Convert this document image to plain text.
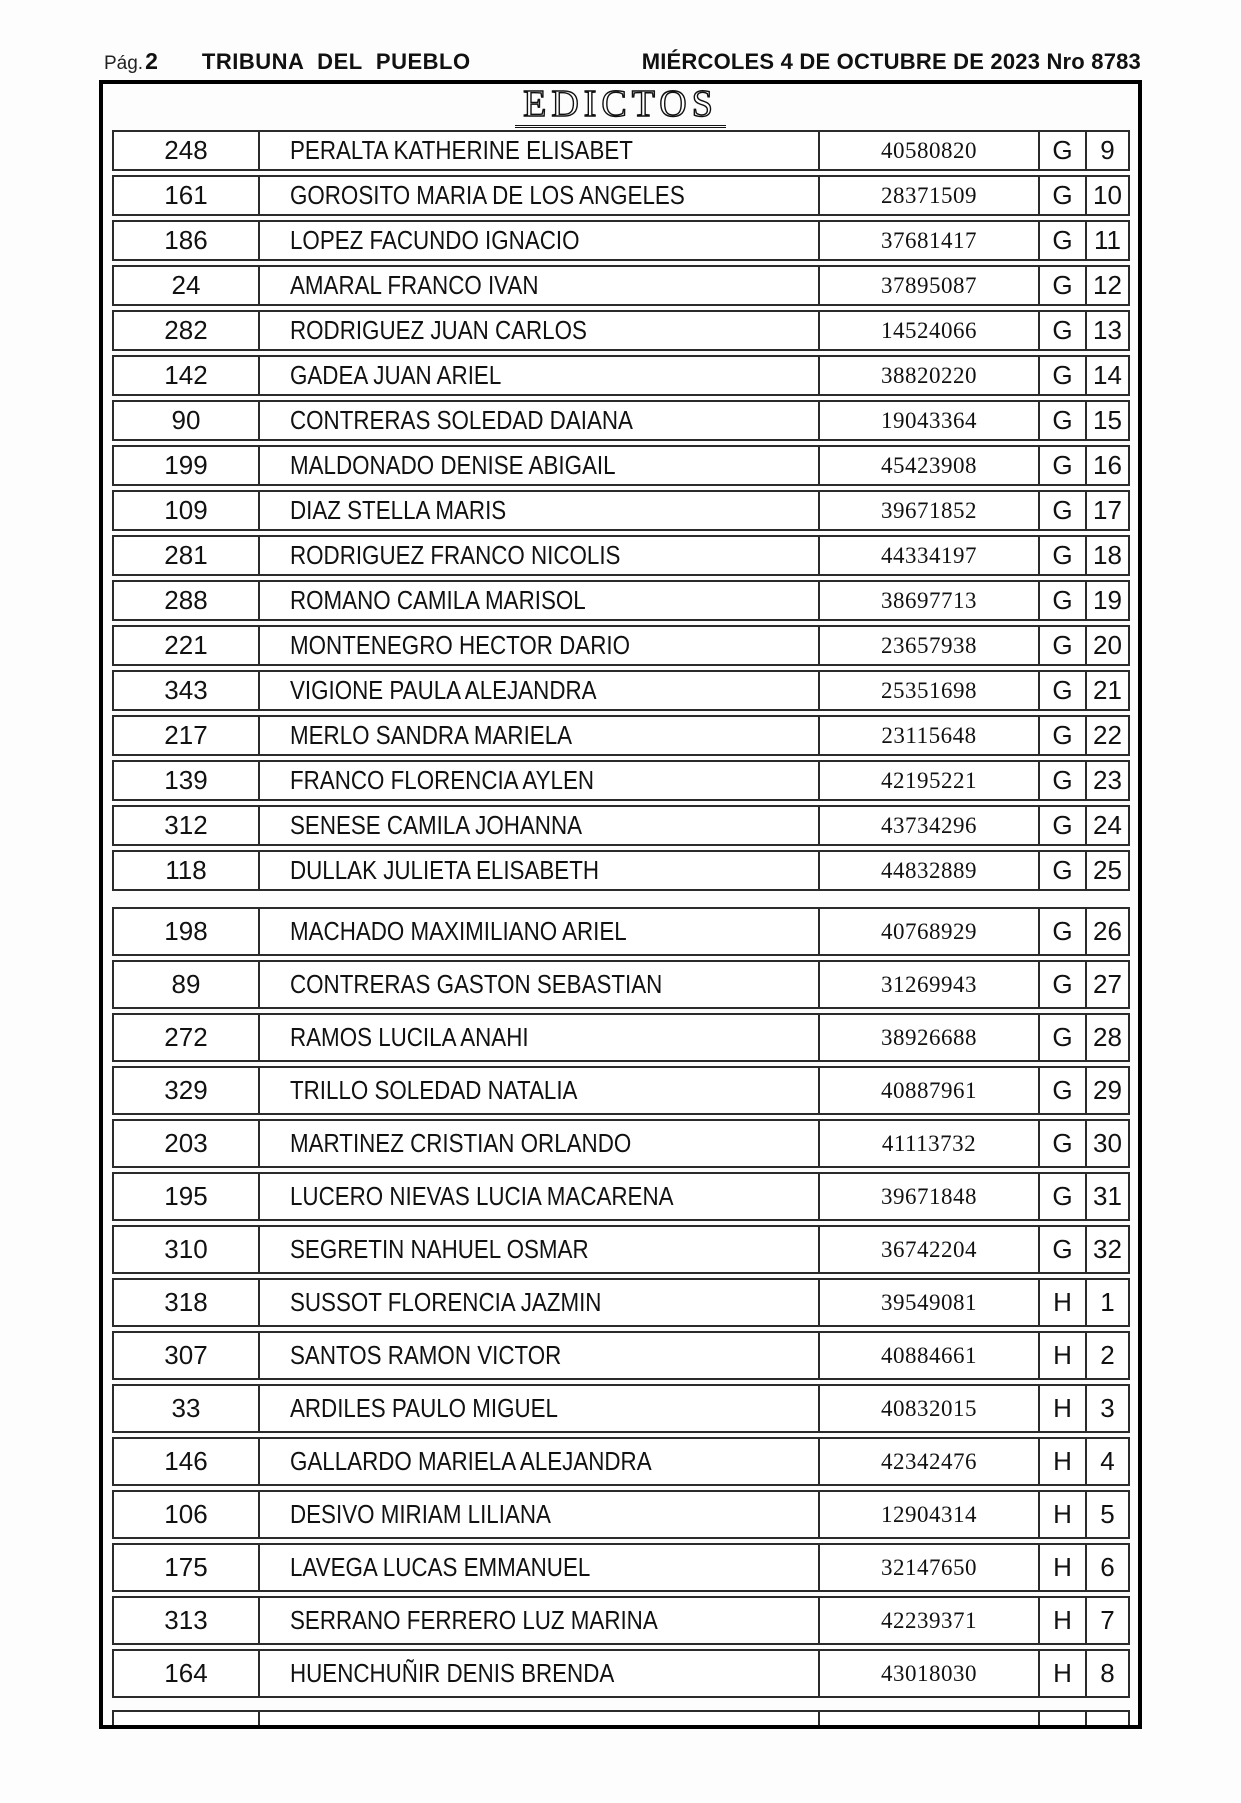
Pág. 2 TRIBUNA DEL PUEBLO	MIÉRCOLES 4 DE OCTUBRE DE 2023 Nro 8783
EDICTOS
248	PERALTA KATHERINE ELISABET	40580820	G	9
161	GOROSITO MARIA DE LOS ANGELES	28371509	G 10
186	LOPEZ FACUNDO IGNACIO	37681417	G 11
24	AMARAL FRANCO IVAN	37895087	G 12
282	RODRIGUEZ JUAN CARLOS	14524066	G 13
142	GADEA JUAN ARIEL	38820220	G 14
90	CONTRERAS SOLEDAD DAIANA	19043364	G 15
199	MALDONADO DENISE ABIGAIL	45423908	G 16
109	DIAZ STELLA MARIS	39671852	G 17
281	RODRIGUEZ FRANCO NICOLIS	44334197	G 18
288	ROMANO CAMILA MARISOL	38697713	G 19
221	MONTENEGRO HECTOR DARIO	23657938	G 20
343	VIGIONE PAULA ALEJANDRA	25351698	G 21
217	MERLO SANDRA MARIELA	23115648	G 22
139	FRANCO FLORENCIA AYLEN	42195221	G 23
312	SENESE CAMILA JOHANNA	43734296	G 24
118	DULLAK JULIETA ELISABETH	44832889	G 25
198	MACHADO MAXIMILIANO ARIEL	40768929	G 26
89	CONTRERAS GASTON SEBASTIAN	31269943	G 27
272	RAMOS LUCILA ANAHI	38926688	G 28
329	TRILLO SOLEDAD NATALIA	40887961	G 29
203	MARTINEZ CRISTIAN ORLANDO	41113732	G 30
195	LUCERO NIEVAS LUCIA MACARENA	39671848	G 31
310	SEGRETIN NAHUEL OSMAR	36742204	G 32
318	SUSSOT FLORENCIA JAZMIN	39549081	H	1
307	SANTOS RAMON VICTOR	40884661	H	2
33	ARDILES PAULO MIGUEL	40832015	H	3
146	GALLARDO MARIELA ALEJANDRA	42342476	H	4
106	DESIVO MIRIAM LILIANA	12904314	H	5
175	LAVEGA LUCAS EMMANUEL	32147650	H	6
313	SERRANO FERRERO LUZ MARINA	42239371	H	7
164	HUENCHUÑIR DENIS BRENDA	43018030	H	8
